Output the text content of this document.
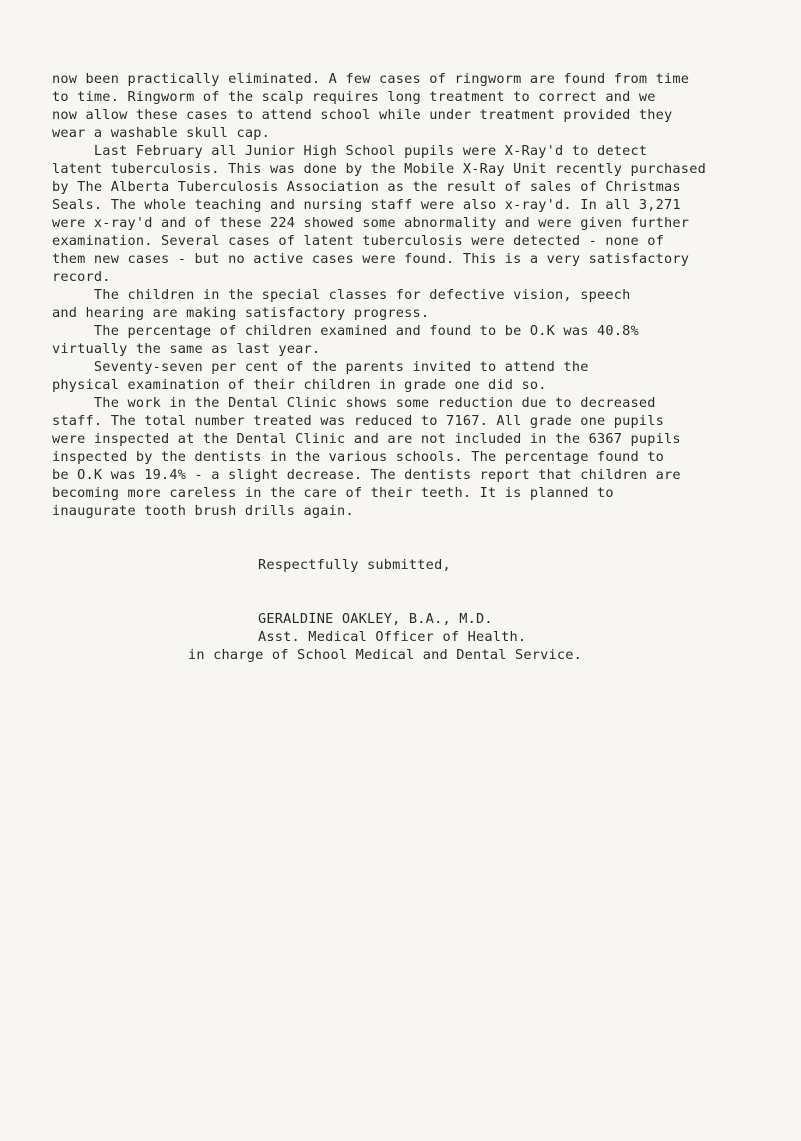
now been practically eliminated. A few cases of ringworm are found from time
to time. Ringworm of the scalp requires long treatment to correct and we
now allow these cases to attend school while under treatment provided they
wear a washable skull cap.
Last February all Junior High School pupils were X-Ray'd to detect
latent tuberculosis. This was done by the Mobile X-Ray Unit recently purchased
by The Alberta Tuberculosis Association as the result of sales of Christmas
Seals. The whole teaching and nursing staff were also x-ray'd. In all 3,271
were x-ray'd and of these 224 showed some abnormality and were given further
examination. Several cases of latent tuberculosis were detected - none of
them new cases - but no active cases were found. This is a very satisfactory
record.
The children in the special classes for defective vision, speech
and hearing are making satisfactory progress.
The percentage of children examined and found to be O.K was 40.8%
virtually the same as last year.
Seventy-seven per cent of the parents invited to attend the
physical examination of their children in grade one did so.
The work in the Dental Clinic shows some reduction due to decreased
staff. The total number treated was reduced to 7167. All grade one pupils
were inspected at the Dental Clinic and are not included in the 6367 pupils
inspected by the dentists in the various schools. The percentage found to
be O.K was 19.4% - a slight decrease. The dentists report that children are
becoming more careless in the care of their teeth. It is planned to
inaugurate tooth brush drills again.
Respectfully submitted,
GERALDINE OAKLEY, B.A., M.D.
Asst. Medical Officer of Health.
in charge of School Medical and Dental Service.
